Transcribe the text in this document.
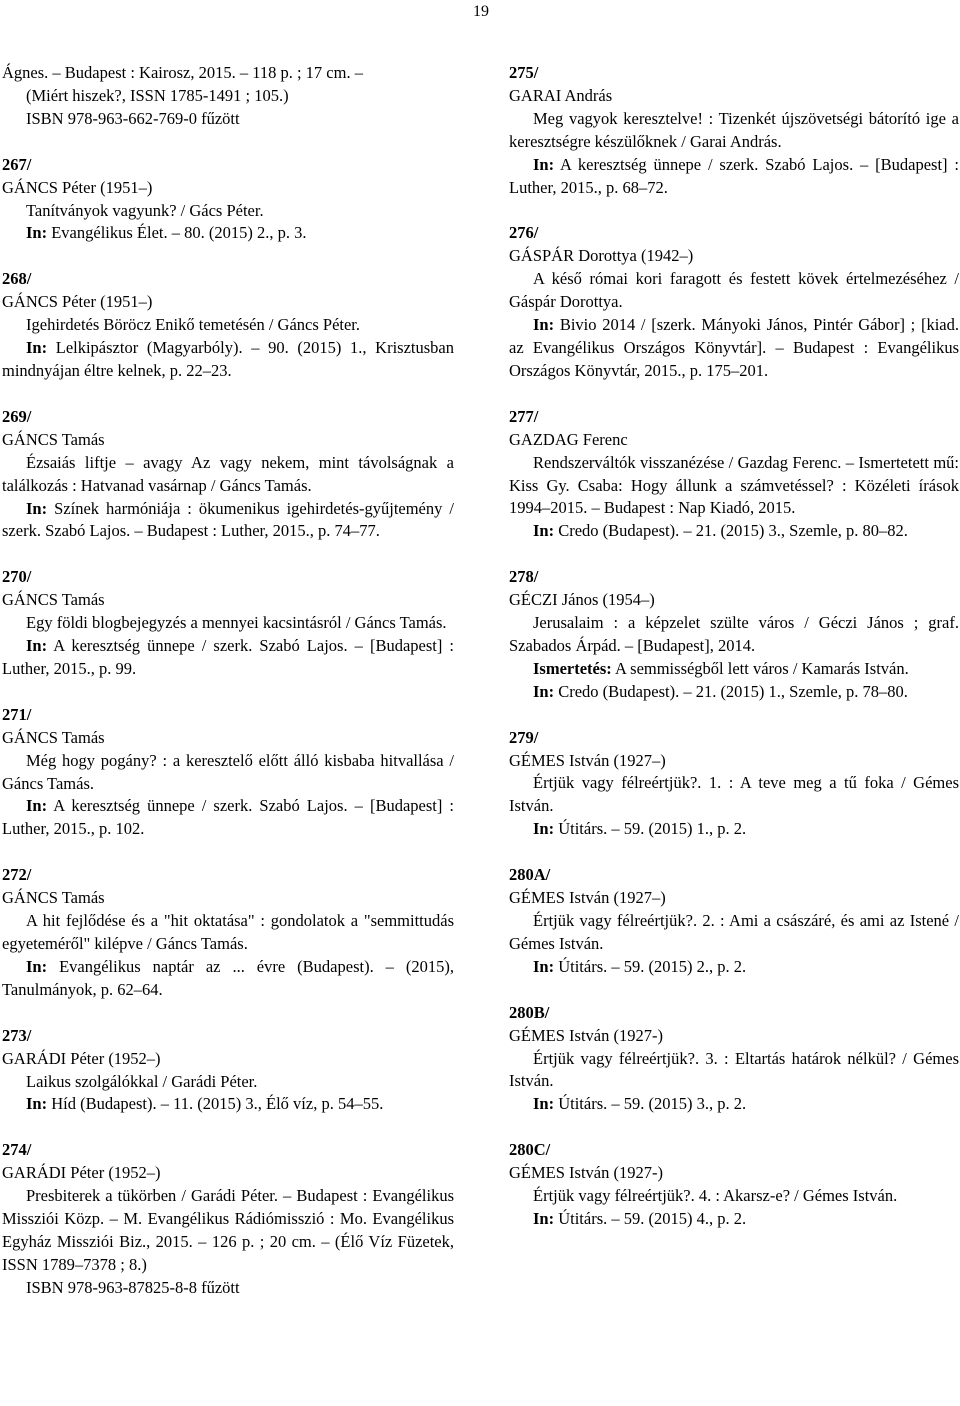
19
Ágnes. – Budapest : Kairosz, 2015. – 118 p. ; 17 cm. –
(Miért hiszek?, ISSN 1785-1491 ; 105.)
ISBN 978-963-662-769-0 fűzött
267/
GÁNCS Péter (1951–)
Tanítványok vagyunk? / Gács Péter.
In: Evangélikus Élet. – 80. (2015) 2., p. 3.
268/
GÁNCS Péter (1951–)
Igehirdetés Böröcz Enikő temetésén / Gáncs Péter.
In: Lelkipásztor (Magyarbóly). – 90. (2015) 1., Krisztusban mindnyájan éltre kelnek, p. 22–23.
269/
GÁNCS Tamás
Ézsaiás liftje – avagy Az vagy nekem, mint távolságnak a találkozás : Hatvanad vasárnap / Gáncs Tamás.
In: Színek harmóniája : ökumenikus igehirdetés-gyűjtemény / szerk. Szabó Lajos. – Budapest : Luther, 2015., p. 74–77.
270/
GÁNCS Tamás
Egy földi blogbejegyzés a mennyei kacsintásról / Gáncs Tamás.
In: A keresztség ünnepe / szerk. Szabó Lajos. – [Budapest] : Luther, 2015., p. 99.
271/
GÁNCS Tamás
Még hogy pogány? : a keresztelő előtt álló kisbaba hitvallása / Gáncs Tamás.
In: A keresztség ünnepe / szerk. Szabó Lajos. – [Budapest] : Luther, 2015., p. 102.
272/
GÁNCS Tamás
A hit fejlődése és a "hit oktatása" : gondolatok a "semmittudás egyeteméről" kilépve / Gáncs Tamás.
In: Evangélikus naptár az ... évre (Budapest). – (2015), Tanulmányok, p. 62–64.
273/
GARÁDI Péter (1952–)
Laikus szolgálókkal / Garádi Péter.
In: Híd (Budapest). – 11. (2015) 3., Élő víz, p. 54–55.
274/
GARÁDI Péter (1952–)
Presbiterek a tükörben / Garádi Péter. – Budapest : Evangélikus Missziói Közp. – M. Evangélikus Rádiómisszió : Mo. Evangélikus Egyház Missziói Biz., 2015. – 126 p. ; 20 cm. – (Élő Víz Füzetek, ISSN 1789–7378 ; 8.)
ISBN 978-963-87825-8-8 fűzött
275/
GARAI András
Meg vagyok keresztelve! : Tizenkét újszövetségi bátorító ige a keresztségre készülőknek / Garai András.
In: A keresztség ünnepe / szerk. Szabó Lajos. – [Budapest] : Luther, 2015., p. 68–72.
276/
GÁSPÁR Dorottya (1942–)
A késő római kori faragott és festett kövek értelmezéséhez / Gáspár Dorottya.
In: Bivio 2014 / [szerk. Mányoki János, Pintér Gábor] ; [kiad. az Evangélikus Országos Könyvtár]. – Budapest : Evangélikus Országos Könyvtár, 2015., p. 175–201.
277/
GAZDAG Ferenc
Rendszerváltók visszanézése / Gazdag Ferenc. – Ismertetett mű: Kiss Gy. Csaba: Hogy állunk a számvetéssel? : Közéleti írások 1994–2015. – Budapest : Nap Kiadó, 2015.
In: Credo (Budapest). – 21. (2015) 3., Szemle, p. 80–82.
278/
GÉCZI János (1954–)
Jerusalaim : a képzelet szülte város / Géczi János ; graf. Szabados Árpád. – [Budapest], 2014.
Ismertetés: A semmisségből lett város / Kamarás István.
In: Credo (Budapest). – 21. (2015) 1., Szemle, p. 78–80.
279/
GÉMES István (1927–)
Értjük vagy félreértjük?. 1. : A teve meg a tű foka / Gémes István.
In: Útitárs. – 59. (2015) 1., p. 2.
280A/
GÉMES István (1927–)
Értjük vagy félreértjük?. 2. : Ami a császáré, és ami az Istené / Gémes István.
In: Útitárs. – 59. (2015) 2., p. 2.
280B/
GÉMES István (1927-)
Értjük vagy félreértjük?. 3. : Eltartás határok nélkül? / Gémes István.
In: Útitárs. – 59. (2015) 3., p. 2.
280C/
GÉMES István (1927-)
Értjük vagy félreértjük?. 4. : Akarsz-e? / Gémes István.
In: Útitárs. – 59. (2015) 4., p. 2.
